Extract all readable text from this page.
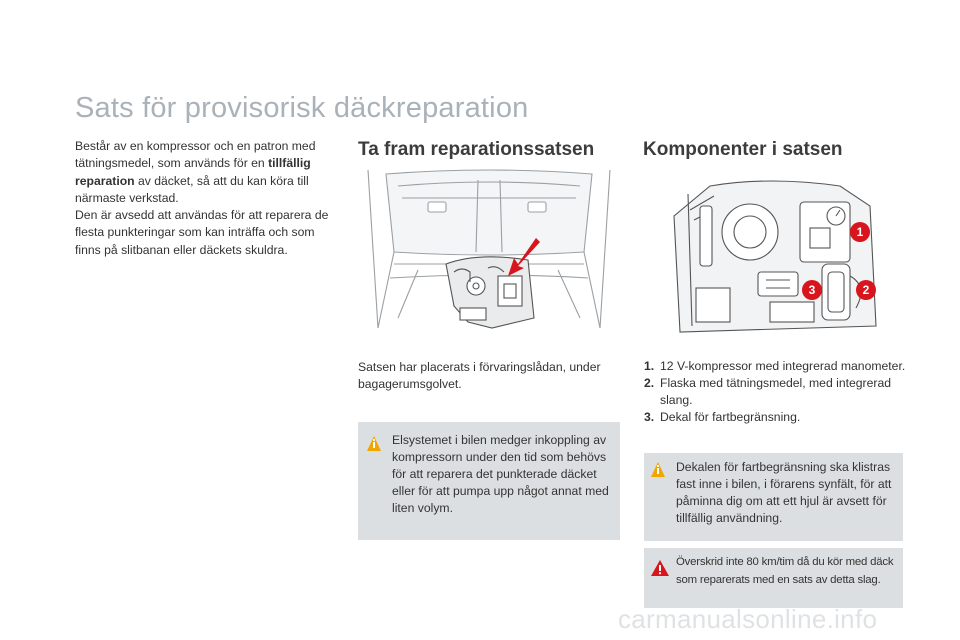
Sats för provisorisk däckreparation

Består av en kompressor och en patron med tätningsmedel, som används för en tillfällig reparation av däcket, så att du kan köra till närmaste verkstad.

Den är avsedd att användas för att reparera de flesta punkteringar som kan inträffa och som finns på slitbanan eller däckets skuldra.

Ta fram reparationssatsen
Satsen har placerats i förvaringslådan, under bagagerumsgolvet.
Elsystemet i bilen medger inkoppling av kompressorn under den tid som behövs för att reparera det punkterade däcket eller för att pumpa upp något annat med liten volym.
Komponenter i satsen
1
2
3
1. 12 V-kompressor med integrerad manometer.
2. Flaska med tätningsmedel, med integrerad slang.
3. Dekal för fartbegränsning.
Dekalen för fartbegränsning ska klistras fast inne i bilen, i förarens synfält, för att påminna dig om att ett hjul är avsett för tillfällig användning.
Överskrid inte 80 km/tim då du kör med däck som reparerats med en sats av detta slag.
carmanualsonline.info
